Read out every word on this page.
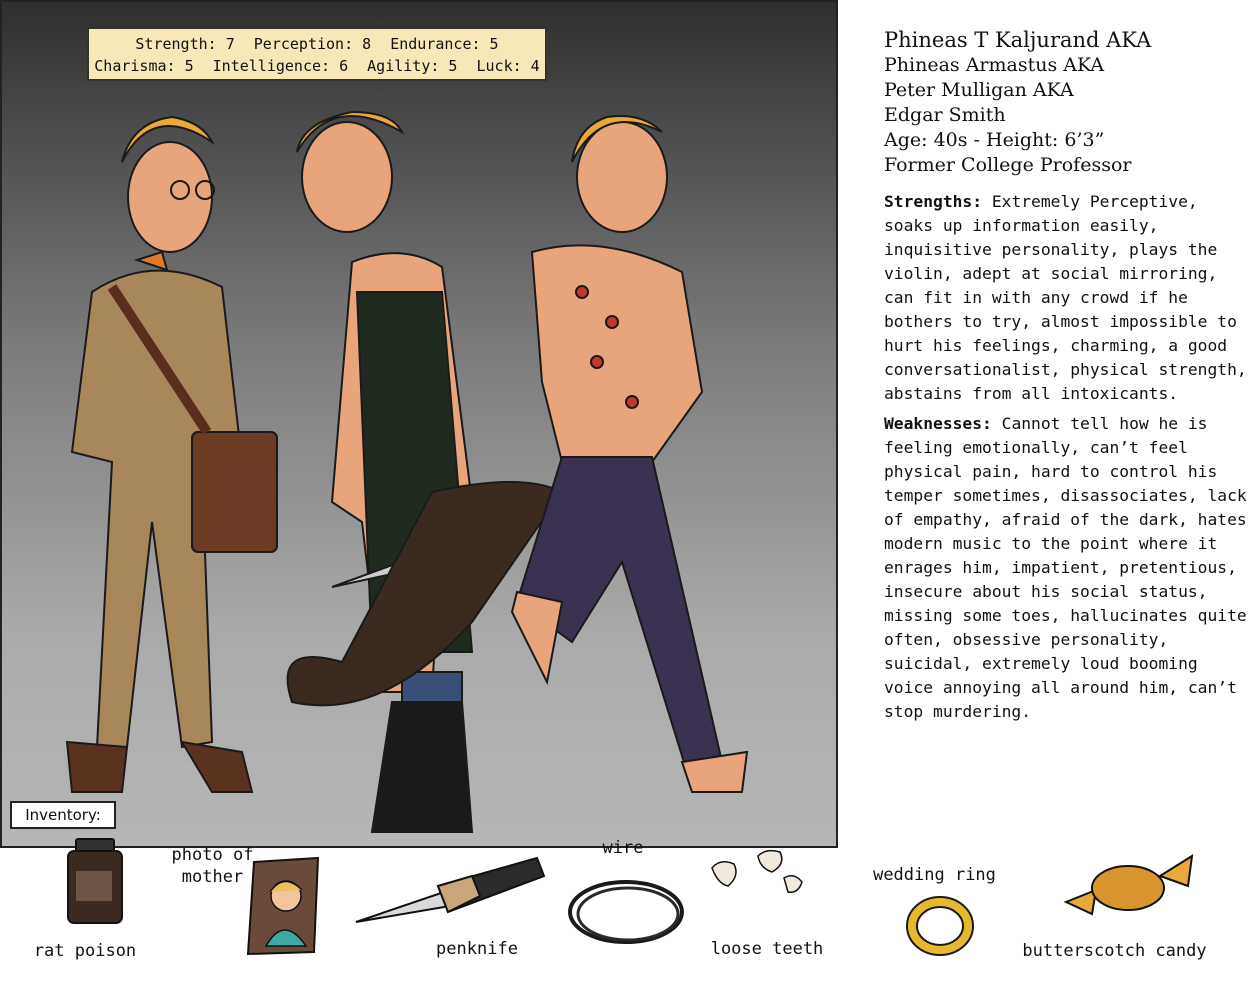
Strength: 7 Perception: 8 Endurance: 5
Charisma: 5 Intelligence: 6 Agility: 5 Luck: 4
Phineas T Kaljurand AKA
Phineas Armastus AKA
Peter Mulligan AKA
Edgar Smith
Age: 40s - Height: 6’3”
Former College Professor
Strengths: Extremely Perceptive, soaks up information easily, inquisitive personality, plays the violin, adept at social mirroring, can fit in with any crowd if he bothers to try, almost impossible to hurt his feelings, charming, a good conversationalist, physical strength, abstains from all intoxicants.
Weaknesses: Cannot tell how he is feeling emotionally, can’t feel physical pain, hard to control his temper sometimes, disassociates, lack of empathy, afraid of the dark, hates modern music to the point where it enrages him, impatient, pretentious, insecure about his social status, missing some toes, hallucinates quite often, obsessive personality, suicidal, extremely loud booming voice annoying all around him, can’t stop murdering.
Inventory:
rat poison
photo of
mother
penknife
wire
loose teeth
wedding ring
butterscotch candy
